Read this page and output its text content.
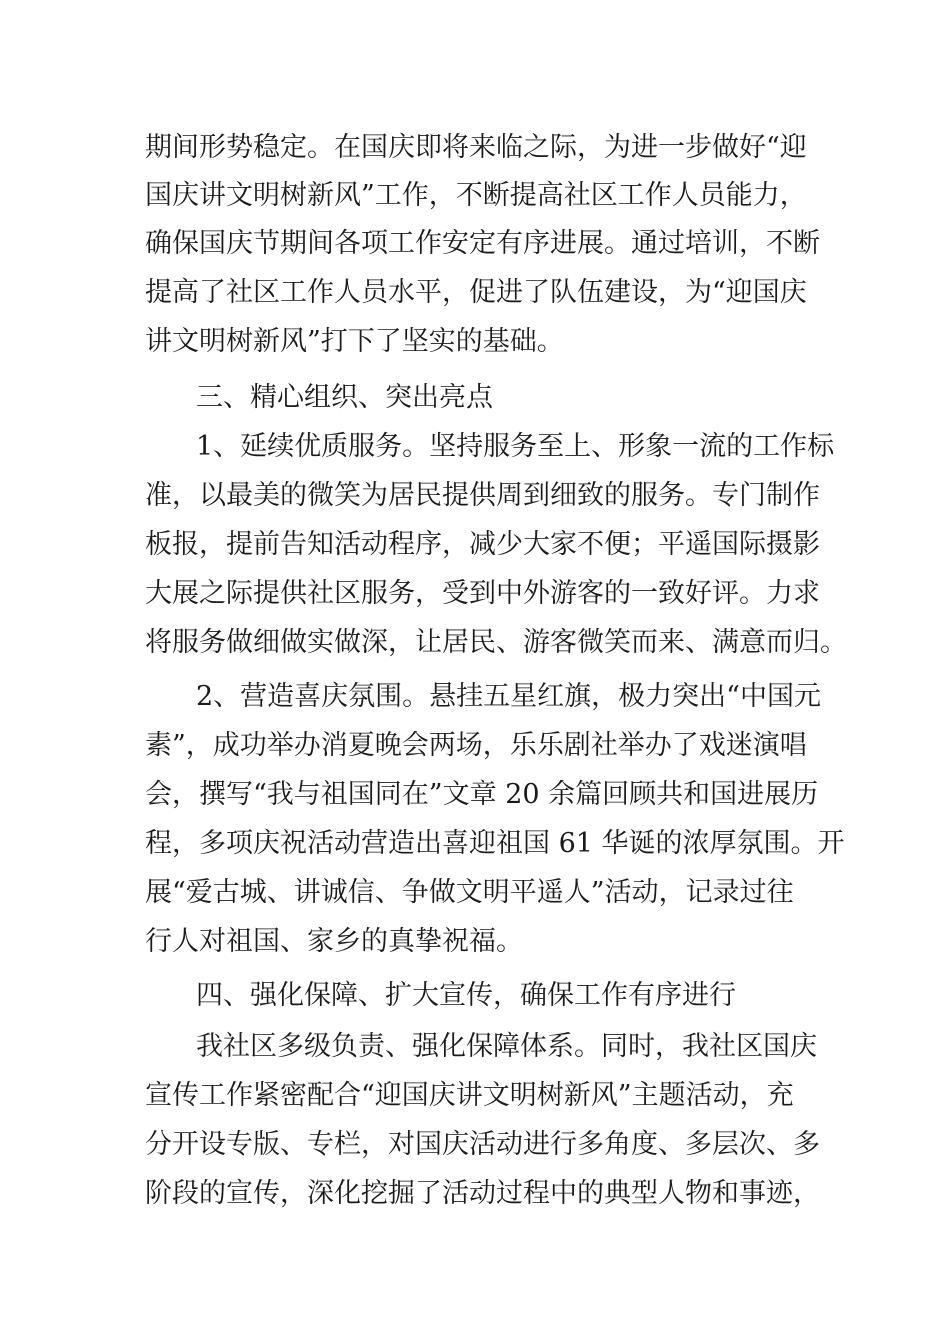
期间形势稳定。在国庆即将来临之际，为进一步做好“迎
国庆讲文明树新风”工作，不断提高社区工作人员能力，
确保国庆节期间各项工作安定有序进展。通过培训，不断
提高了社区工作人员水平，促进了队伍建设，为“迎国庆
讲文明树新风”打下了坚实的基础。
三、精心组织、突出亮点
1、延续优质服务。坚持服务至上、形象一流的工作标
准，以最美的微笑为居民提供周到细致的服务。专门制作
板报，提前告知活动程序，减少大家不便；平遥国际摄影
大展之际提供社区服务，受到中外游客的一致好评。力求
将服务做细做实做深，让居民、游客微笑而来、满意而归。
2、营造喜庆氛围。悬挂五星红旗，极力突出“中国元
素”，成功举办消夏晚会两场，乐乐剧社举办了戏迷演唱
会，撰写“我与祖国同在”文章 20 余篇回顾共和国进展历
程，多项庆祝活动营造出喜迎祖国 61 华诞的浓厚氛围。开
展“爱古城、讲诚信、争做文明平遥人”活动，记录过往
行人对祖国、家乡的真挚祝福。
四、强化保障、扩大宣传，确保工作有序进行
我社区多级负责、强化保障体系。同时，我社区国庆
宣传工作紧密配合“迎国庆讲文明树新风”主题活动，充
分开设专版、专栏，对国庆活动进行多角度、多层次、多
阶段的宣传，深化挖掘了活动过程中的典型人物和事迹，
